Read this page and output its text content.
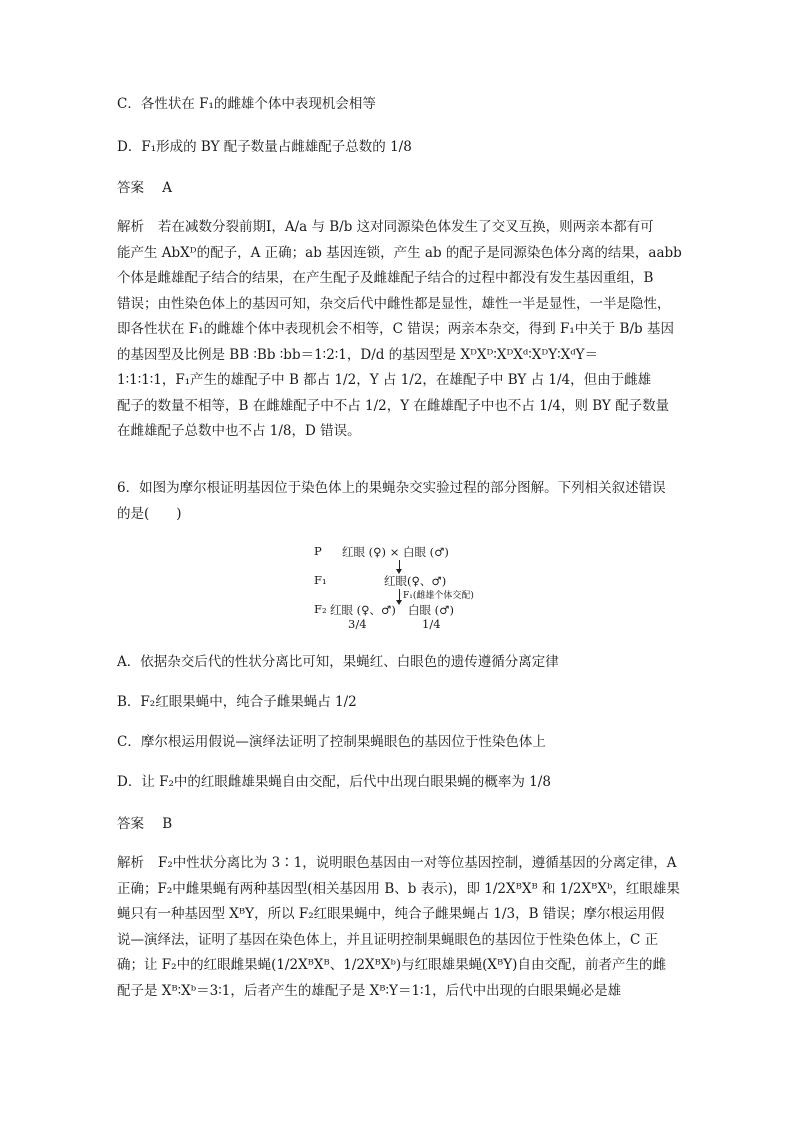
C．各性状在 F₁的雌雄个体中表现机会相等
D．F₁形成的 BY 配子数量占雌雄配子总数的 1/8
答案 A
解析 若在减数分裂前期Ⅰ，A/a 与 B/b 这对同源染色体发生了交叉互换，则两亲本都有可
能产生 AbXᴰ的配子，A 正确；ab 基因连锁，产生 ab 的配子是同源染色体分离的结果，aabb
个体是雌雄配子结合的结果，在产生配子及雌雄配子结合的过程中都没有发生基因重组，B
错误；由性染色体上的基因可知，杂交后代中雌性都是显性，雄性一半是显性，一半是隐性，
即各性状在 F₁的雌雄个体中表现机会不相等，C 错误；两亲本杂交，得到 F₁中关于 B/b 基因
的基因型及比例是 BB ∶Bb ∶bb＝1∶2∶1，D/d 的基因型是 XᴰXᴰ∶XᴰXᵈ∶XᴰY∶XᵈY＝
1∶1∶1∶1，F₁产生的雄配子中 B 都占 1/2，Y 占 1/2，在雄配子中 BY 占 1/4，但由于雌雄
配子的数量不相等，B 在雌雄配子中不占 1/2，Y 在雌雄配子中也不占 1/4，则 BY 配子数量
在雌雄配子总数中也不占 1/8，D 错误。
6．如图为摩尔根证明基因位于染色体上的果蝇杂交实验过程的部分图解。下列相关叙述错误
的是(　　)
P 红眼 (♀) × 白眼 (♂)
F₁	红眼(♀、♂)
F₁(雌雄个体交配)
F₂ 红眼 (♀、♂) 白眼 (♂)
3/4	1/4
A．依据杂交后代的性状分离比可知，果蝇红、白眼色的遗传遵循分离定律
B．F₂红眼果蝇中，纯合子雌果蝇占 1/2
C．摩尔根运用假说—演绎法证明了控制果蝇眼色的基因位于性染色体上
D．让 F₂中的红眼雌雄果蝇自由交配，后代中出现白眼果蝇的概率为 1/8
答案 B
解析 F₂中性状分离比为 3∶1，说明眼色基因由一对等位基因控制，遵循基因的分离定律，A
正确；F₂中雌果蝇有两种基因型(相关基因用 B、b 表示)，即 1/2XᴮXᴮ 和 1/2XᴮXᵇ，红眼雄果
蝇只有一种基因型 XᴮY，所以 F₂红眼果蝇中，纯合子雌果蝇占 1/3，B 错误；摩尔根运用假
说—演绎法，证明了基因在染色体上，并且证明控制果蝇眼色的基因位于性染色体上，C 正
确；让 F₂中的红眼雌果蝇(1/2XᴮXᴮ、1/2XᴮXᵇ)与红眼雄果蝇(XᴮY)自由交配，前者产生的雌
配子是 Xᴮ∶Xᵇ＝3∶1，后者产生的雄配子是 Xᴮ∶Y＝1∶1，后代中出现的白眼果蝇必是雄
